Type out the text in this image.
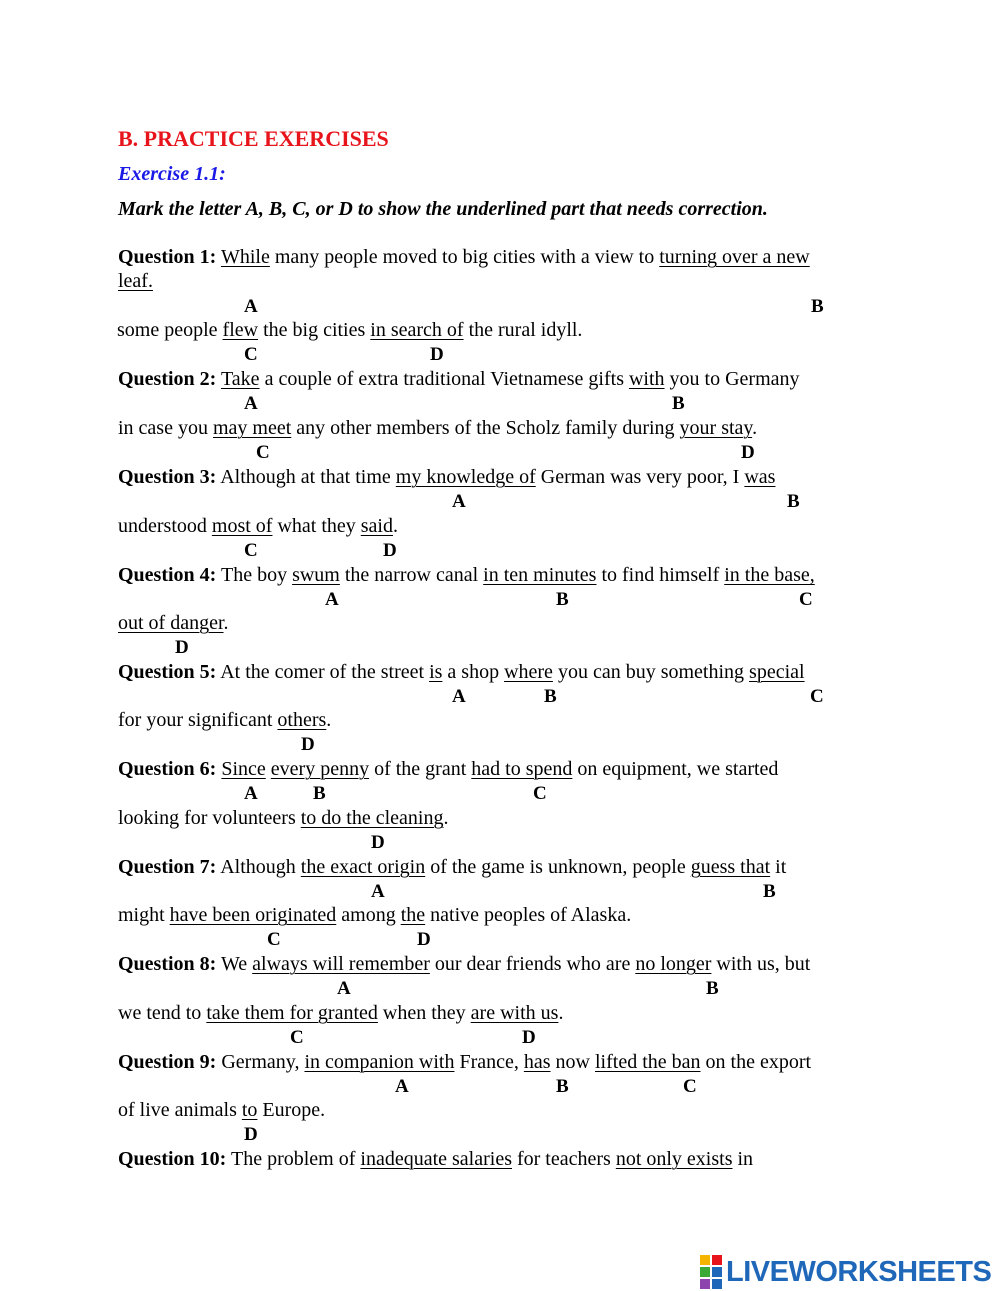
B. PRACTICE EXERCISES
Exercise 1.1:
Mark the letter A, B, C, or D to show the underlined part that needs correction.
Question 1: While many people moved to big cities with a view to turning over a new
leaf.
A	B
some people flew the big cities in search of the rural idyll.
C	D
Question 2: Take a couple of extra traditional Vietnamese gifts with you to Germany
A	B
in case you may meet any other members of the Scholz family during your stay.
C	D
Question 3: Although at that time my knowledge of German was very poor, I was
A	B
understood most of what they said.
C	D
Question 4: The boy swum the narrow canal in ten minutes to find himself in the base,
A	B	C
out of danger.
D
Question 5: At the comer of the street is a shop where you can buy something special
A	B	C
for your significant others.
D
Question 6: Since every penny of the grant had to spend on equipment, we started
A	B	C
looking for volunteers to do the cleaning.
D
Question 7: Although the exact origin of the game is unknown, people guess that it
A	B
might have been originated among the native peoples of Alaska.
C	D
Question 8: We always will remember our dear friends who are no longer with us, but
A	B
we tend to take them for granted when they are with us.
C	D
Question 9: Germany, in companion with France, has now lifted the ban on the export
A	B	C
of live animals to Europe.
D
Question 10: The problem of inadequate salaries for teachers not only exists in
LIVEWORKSHEETS
